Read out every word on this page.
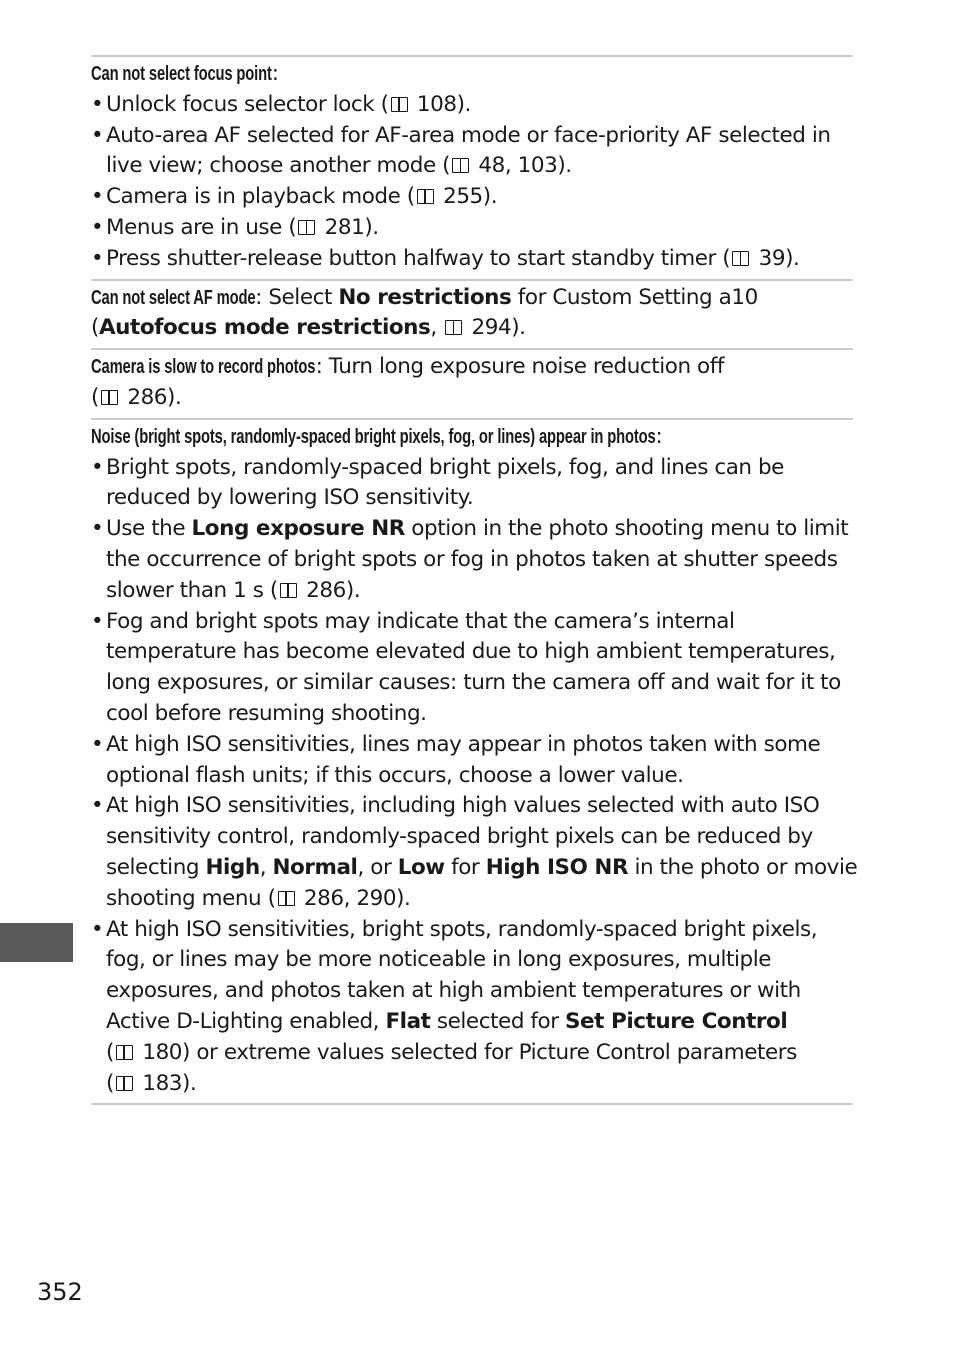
Can not select focus point:
• Unlock focus selector lock ( 108).
• Auto-area AF selected for AF-area mode or face-priority AF selected in
live view; choose another mode ( 48, 103).
• Camera is in playback mode ( 255).
• Menus are in use ( 281).
• Press shutter-release button halfway to start standby timer ( 39).
Can not select AF mode: Select No restrictions for Custom Setting a10
(Autofocus mode restrictions,  294).
Camera is slow to record photos: Turn long exposure noise reduction off
( 286).
Noise (bright spots, randomly-spaced bright pixels, fog, or lines) appear in photos:
• Bright spots, randomly-spaced bright pixels, fog, and lines can be
reduced by lowering ISO sensitivity.
• Use the Long exposure NR option in the photo shooting menu to limit
the occurrence of bright spots or fog in photos taken at shutter speeds
slower than 1 s ( 286).
• Fog and bright spots may indicate that the camera’s internal
temperature has become elevated due to high ambient temperatures,
long exposures, or similar causes: turn the camera off and wait for it to
cool before resuming shooting.
• At high ISO sensitivities, lines may appear in photos taken with some
optional flash units; if this occurs, choose a lower value.
• At high ISO sensitivities, including high values selected with auto ISO
sensitivity control, randomly-spaced bright pixels can be reduced by
selecting High, Normal, or Low for High ISO NR in the photo or movie
shooting menu ( 286, 290).
• At high ISO sensitivities, bright spots, randomly-spaced bright pixels,
fog, or lines may be more noticeable in long exposures, multiple
exposures, and photos taken at high ambient temperatures or with
Active D-Lighting enabled, Flat selected for Set Picture Control
( 180) or extreme values selected for Picture Control parameters
( 183).
352
